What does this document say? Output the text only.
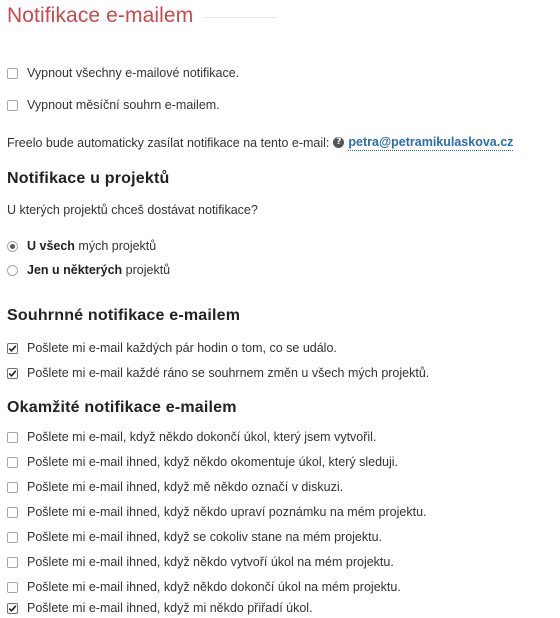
Notifikace e-mailem
Vypnout všechny e-mailové notifikace.
Vypnout měsíční souhrn e-mailem.
Freelo bude automaticky zasílat notifikace na tento e-mail: ? petra@petramikulaskova.cz
Notifikace u projektů
U kterých projektů chceš dostávat notifikace?
U všech mých projektů
Jen u některých projektů
Souhrnné notifikace e-mailem
Pošlete mi e-mail každých pár hodin o tom, co se událo.
Pošlete mi e-mail každé ráno se souhrnem změn u všech mých projektů.
Okamžité notifikace e-mailem
Pošlete mi e-mail, když někdo dokončí úkol, který jsem vytvořil.
Pošlete mi e-mail ihned, když někdo okomentuje úkol, který sleduji.
Pošlete mi e-mail ihned, když mě někdo označí v diskuzi.
Pošlete mi e-mail ihned, když někdo upraví poznámku na mém projektu.
Pošlete mi e-mail ihned, když se cokoliv stane na mém projektu.
Pošlete mi e-mail ihned, když někdo vytvoří úkol na mém projektu.
Pošlete mi e-mail ihned, když někdo dokončí úkol na mém projektu.
Pošlete mi e-mail ihned, když mi někdo přiřadí úkol.
